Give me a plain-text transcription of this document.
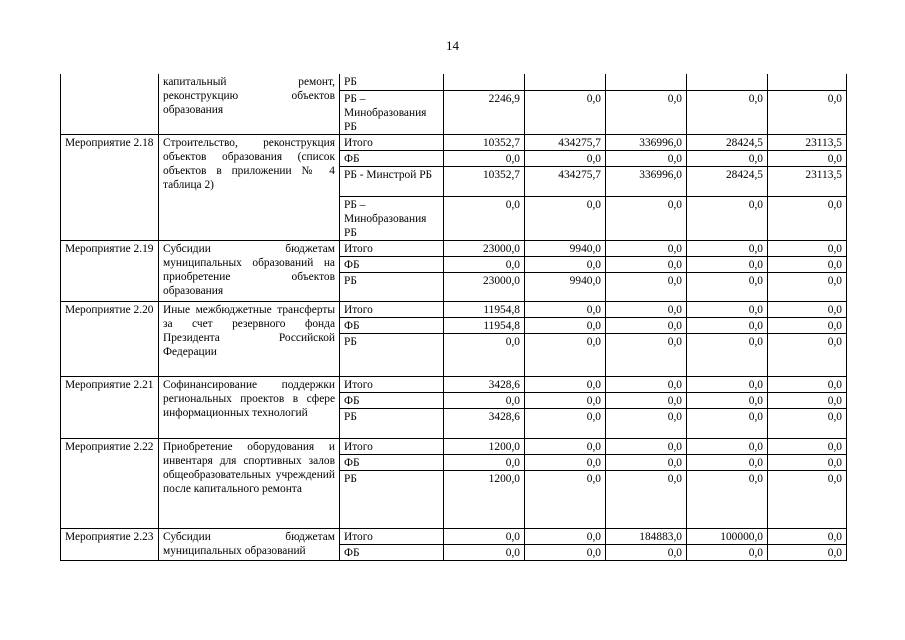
14
	капитальный ремонт, реконструкцию объектов образования	РБ					
		РБ – Минобразования РБ	2246,9	0,0	0,0	0,0	0,0
Мероприятие 2.18	Строительство, реконструкция объектов образования (список объектов в приложении № 4 таблица 2)	Итого	10352,7	434275,7	336996,0	28424,5	23113,5
		ФБ	0,0	0,0	0,0	0,0	0,0
		РБ - Минстрой РБ	10352,7	434275,7	336996,0	28424,5	23113,5
		РБ – Минобразования РБ	0,0	0,0	0,0	0,0	0,0
Мероприятие 2.19	Субсидии бюджетам муниципальных образований на приобретение объектов образования	Итого	23000,0	9940,0	0,0	0,0	0,0
		ФБ	0,0	0,0	0,0	0,0	0,0
		РБ	23000,0	9940,0	0,0	0,0	0,0
Мероприятие 2.20	Иные межбюджетные трансферты за счет резервного фонда Президента Российской Федерации	Итого	11954,8	0,0	0,0	0,0	0,0
		ФБ	11954,8	0,0	0,0	0,0	0,0
		РБ	0,0	0,0	0,0	0,0	0,0
Мероприятие 2.21	Софинансирование поддержки региональных проектов в сфере информационных технологий	Итого	3428,6	0,0	0,0	0,0	0,0
		ФБ	0,0	0,0	0,0	0,0	0,0
		РБ	3428,6	0,0	0,0	0,0	0,0
Мероприятие 2.22	Приобретение оборудования и инвентаря для спортивных залов общеобразовательных учреждений после капитального ремонта	Итого	1200,0	0,0	0,0	0,0	0,0
		ФБ	0,0	0,0	0,0	0,0	0,0
		РБ	1200,0	0,0	0,0	0,0	0,0
Мероприятие 2.23	Субсидии бюджетам муниципальных образований	Итого	0,0	0,0	184883,0	100000,0	0,0
		ФБ	0,0	0,0	0,0	0,0	0,0
